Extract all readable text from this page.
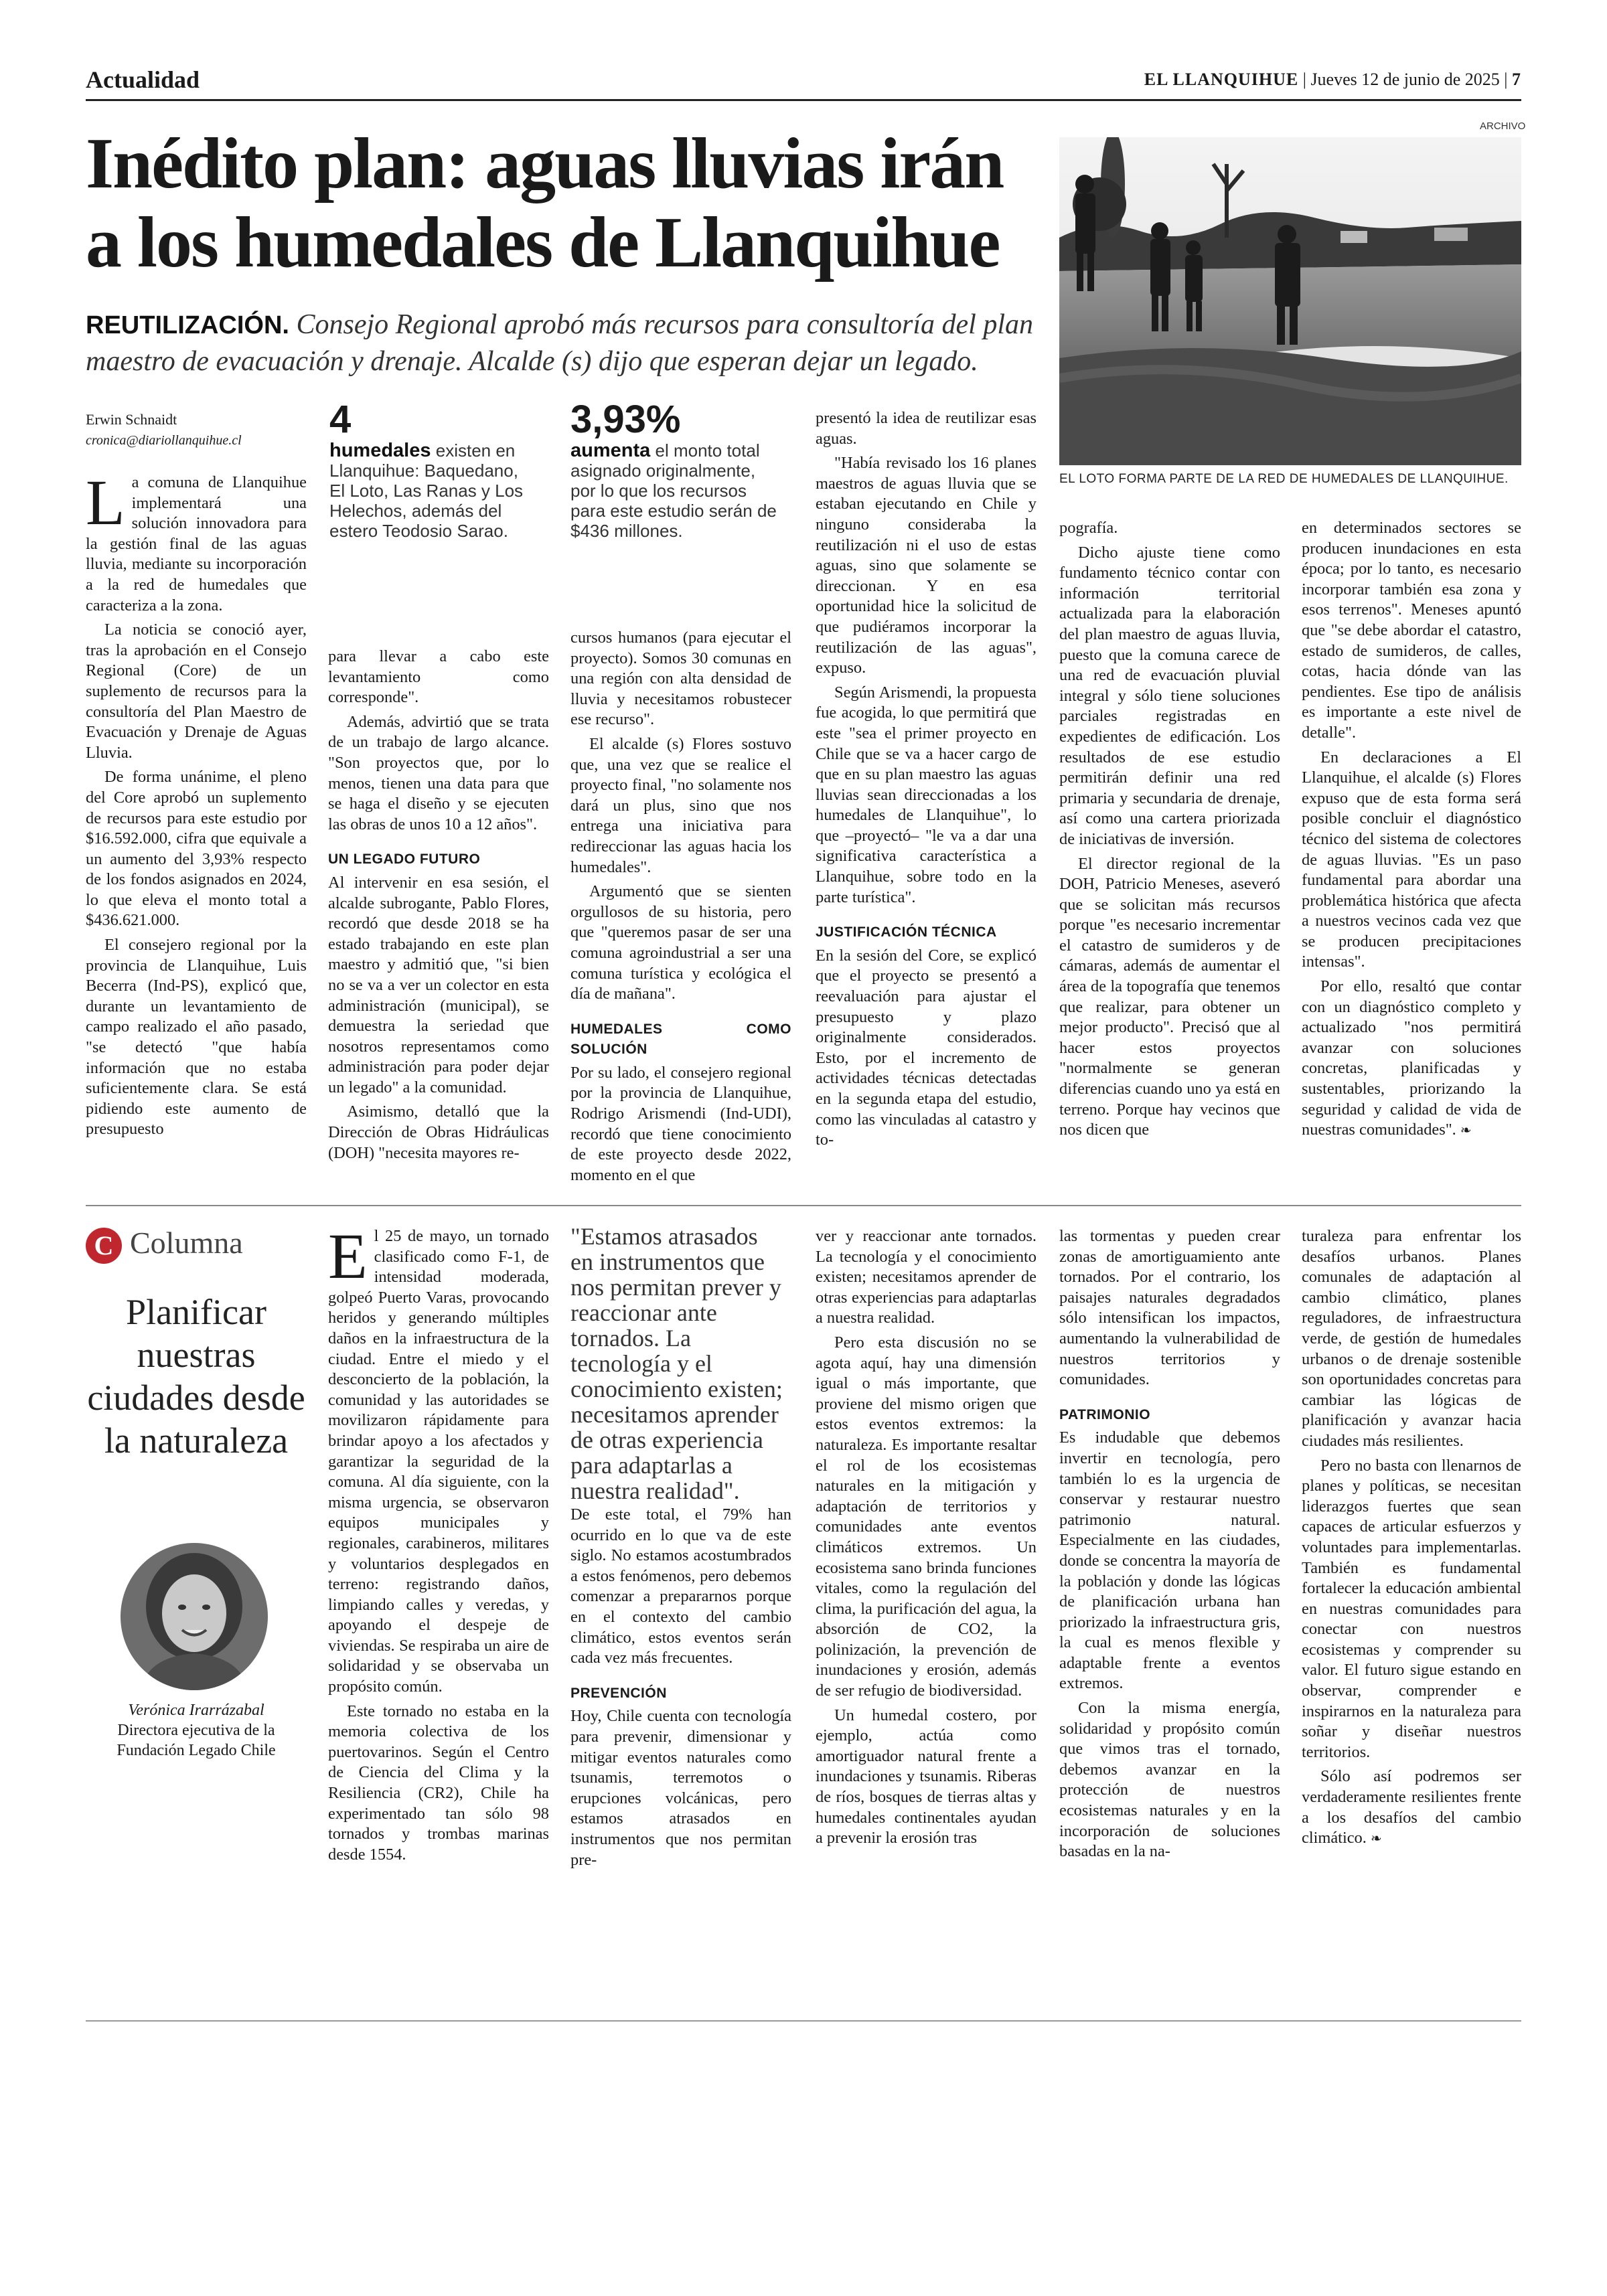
Actualidad	EL LLANQUIHUE | Jueves 12 de junio de 2025 | 7
Inédito plan: aguas lluvias irán a los humedales de Llanquihue
REUTILIZACIÓN. Consejo Regional aprobó más recursos para consultoría del plan maestro de evacuación y drenaje. Alcalde (s) dijo que esperan dejar un legado.
ARCHIVO
EL LOTO FORMA PARTE DE LA RED DE HUMEDALES DE LLANQUIHUE.
Erwin Schnaidt
cronica@diariollanquihue.cl	4
humedales existen en Llanquihue: Baquedano, El Loto, Las Ranas y Los Helechos, además del estero Teodosio Sarao.
3,93%
aumenta el monto total asignado originalmente, por lo que los recursos para este estudio serán de $436 millones.

La comuna de Llanquihue implementará una solución innovadora para la gestión final de las aguas lluvia, mediante su incorporación a la red de humedales que caracteriza a la zona.

La noticia se conoció ayer, tras la aprobación en el Consejo Regional (Core) de un suplemento de recursos para la consultoría del Plan Maestro de Evacuación y Drenaje de Aguas Lluvia.

De forma unánime, el pleno del Core aprobó un suplemento de recursos para este estudio por $16.592.000, cifra que equivale a un aumento del 3,93% respecto de los fondos asignados en 2024, lo que eleva el monto total a $436.621.000.

El consejero regional por la provincia de Llanquihue, Luis Becerra (Ind-PS), explicó que, durante un levantamiento de campo realizado el año pasado, "se detectó "que había información que no estaba suficientemente clara. Se está pidiendo este aumento de presupuesto

para llevar a cabo este levantamiento como corresponde".

Además, advirtió que se trata de un trabajo de largo alcance. "Son proyectos que, por lo menos, tienen una data para que se haga el diseño y se ejecuten las obras de unos 10 a 12 años".

UN LEGADO FUTURO

Al intervenir en esa sesión, el alcalde subrogante, Pablo Flores, recordó que desde 2018 se ha estado trabajando en este plan maestro y admitió que, "si bien no se va a ver un colector en esta administración (municipal), se demuestra la seriedad que nosotros representamos como administración para poder dejar un legado" a la comunidad.

Asimismo, detalló que la Dirección de Obras Hidráulicas (DOH) "necesita mayores re-

cursos humanos (para ejecutar el proyecto). Somos 30 comunas en una región con alta densidad de lluvia y necesitamos robustecer ese recurso".

El alcalde (s) Flores sostuvo que, una vez que se realice el proyecto final, "no solamente nos dará un plus, sino que nos entrega una iniciativa para redireccionar las aguas hacia los humedales".

Argumentó que se sienten orgullosos de su historia, pero que "queremos pasar de ser una comuna agroindustrial a ser una comuna turística y ecológica el día de mañana".

HUMEDALES COMO SOLUCIÓN

Por su lado, el consejero regional por la provincia de Llanquihue, Rodrigo Arismendi (Ind-UDI), recordó que tiene conocimiento de este proyecto desde 2022, momento en el que

presentó la idea de reutilizar esas aguas.

"Había revisado los 16 planes maestros de aguas lluvia que se estaban ejecutando en Chile y ninguno consideraba la reutilización ni el uso de estas aguas, sino que solamente se direccionan. Y en esa oportunidad hice la solicitud de que pudiéramos incorporar la reutilización de las aguas", expuso.

Según Arismendi, la propuesta fue acogida, lo que permitirá que este "sea el primer proyecto en Chile que se va a hacer cargo de que en su plan maestro las aguas lluvias sean direccionadas a los humedales de Llanquihue", lo que –proyectó– "le va a dar una significativa característica a Llanquihue, sobre todo en la parte turística".

JUSTIFICACIÓN TÉCNICA

En la sesión del Core, se explicó que el proyecto se presentó a reevaluación para ajustar el presupuesto y plazo originalmente considerados. Esto, por el incremento de actividades técnicas detectadas en la segunda etapa del estudio, como las vinculadas al catastro y to-

pografía.

Dicho ajuste tiene como fundamento técnico contar con información territorial actualizada para la elaboración del plan maestro de aguas lluvia, puesto que la comuna carece de una red de evacuación pluvial integral y sólo tiene soluciones parciales registradas en expedientes de edificación. Los resultados de ese estudio permitirán definir una red primaria y secundaria de drenaje, así como una cartera priorizada de iniciativas de inversión.

El director regional de la DOH, Patricio Meneses, aseveró que se solicitan más recursos porque "es necesario incrementar el catastro de sumideros y de cámaras, además de aumentar el área de la topografía que tenemos que realizar, para obtener un mejor producto". Precisó que al hacer estos proyectos "normalmente se generan diferencias cuando uno ya está en terreno. Porque hay vecinos que nos dicen que

en determinados sectores se producen inundaciones en esta época; por lo tanto, es necesario incorporar también esa zona y esos terrenos". Meneses apuntó que "se debe abordar el catastro, estado de sumideros, de calles, cotas, hacia dónde van las pendientes. Ese tipo de análisis es importante a este nivel de detalle".

En declaraciones a El Llanquihue, el alcalde (s) Flores expuso que de esta forma será posible concluir el diagnóstico técnico del sistema de colectores de aguas lluvias. "Es un paso fundamental para abordar una problemática histórica que afecta a nuestros vecinos cada vez que se producen precipitaciones intensas".

Por ello, resaltó que contar con un diagnóstico completo y actualizado "nos permitirá avanzar con soluciones concretas, planificadas y sustentables, priorizando la seguridad y calidad de vida de nuestras comunidades". ❧

C Columna
Planificar nuestras ciudades desde la naturaleza
Verónica Irarrázabal
Directora ejecutiva de la Fundación Legado Chile

El 25 de mayo, un tornado clasificado como F-1, de intensidad moderada, golpeó Puerto Varas, provocando heridos y generando múltiples daños en la infraestructura de la ciudad. Entre el miedo y el desconcierto de la población, la comunidad y las autoridades se movilizaron rápidamente para brindar apoyo a los afectados y garantizar la seguridad de la comuna. Al día siguiente, con la misma urgencia, se observaron equipos municipales y regionales, carabineros, militares y voluntarios desplegados en terreno: registrando daños, limpiando calles y veredas, y apoyando el despeje de viviendas. Se respiraba un aire de solidaridad y se observaba un propósito común.

Este tornado no estaba en la memoria colectiva de los puertovarinos. Según el Centro de Ciencia del Clima y la Resiliencia (CR2), Chile ha experimentado tan sólo 98 tornados y trombas marinas desde 1554.

"Estamos atrasados en instrumentos que nos permitan prever y reaccionar ante tornados. La tecnología y el conocimiento existen; necesitamos aprender de otras experiencia para adaptarlas a nuestra realidad".

De este total, el 79% han ocurrido en lo que va de este siglo. No estamos acostumbrados a estos fenómenos, pero debemos comenzar a prepararnos porque en el contexto del cambio climático, estos eventos serán cada vez más frecuentes.

PREVENCIÓN

Hoy, Chile cuenta con tecnología para prevenir, dimensionar y mitigar eventos naturales como tsunamis, terremotos o erupciones volcánicas, pero estamos atrasados en instrumentos que nos permitan pre-

ver y reaccionar ante tornados. La tecnología y el conocimiento existen; necesitamos aprender de otras experiencias para adaptarlas a nuestra realidad.

Pero esta discusión no se agota aquí, hay una dimensión igual o más importante, que proviene del mismo origen que estos eventos extremos: la naturaleza. Es importante resaltar el rol de los ecosistemas naturales en la mitigación y adaptación de territorios y comunidades ante eventos climáticos extremos. Un ecosistema sano brinda funciones vitales, como la regulación del clima, la purificación del agua, la absorción de CO2, la polinización, la prevención de inundaciones y erosión, además de ser refugio de biodiversidad.

Un humedal costero, por ejemplo, actúa como amortiguador natural frente a inundaciones y tsunamis. Riberas de ríos, bosques de tierras altas y humedales continentales ayudan a prevenir la erosión tras

las tormentas y pueden crear zonas de amortiguamiento ante tornados. Por el contrario, los paisajes naturales degradados sólo intensifican los impactos, aumentando la vulnerabilidad de nuestros territorios y comunidades.

PATRIMONIO

Es indudable que debemos invertir en tecnología, pero también lo es la urgencia de conservar y restaurar nuestro patrimonio natural. Especialmente en las ciudades, donde se concentra la mayoría de la población y donde las lógicas de planificación urbana han priorizado la infraestructura gris, la cual es menos flexible y adaptable frente a eventos extremos.

Con la misma energía, solidaridad y propósito común que vimos tras el tornado, debemos avanzar en la protección de nuestros ecosistemas naturales y en la incorporación de soluciones basadas en la na-

turaleza para enfrentar los desafíos urbanos. Planes comunales de adaptación al cambio climático, planes reguladores, de infraestructura verde, de gestión de humedales urbanos o de drenaje sostenible son oportunidades concretas para cambiar las lógicas de planificación y avanzar hacia ciudades más resilientes.

Pero no basta con llenarnos de planes y políticas, se necesitan liderazgos fuertes que sean capaces de articular esfuerzos y voluntades para implementarlas. También es fundamental fortalecer la educación ambiental en nuestras comunidades para conectar con nuestros ecosistemas y comprender su valor. El futuro sigue estando en observar, comprender e inspirarnos en la naturaleza para soñar y diseñar nuestros territorios.

Sólo así podremos ser verdaderamente resilientes frente a los desafíos del cambio climático. ❧
